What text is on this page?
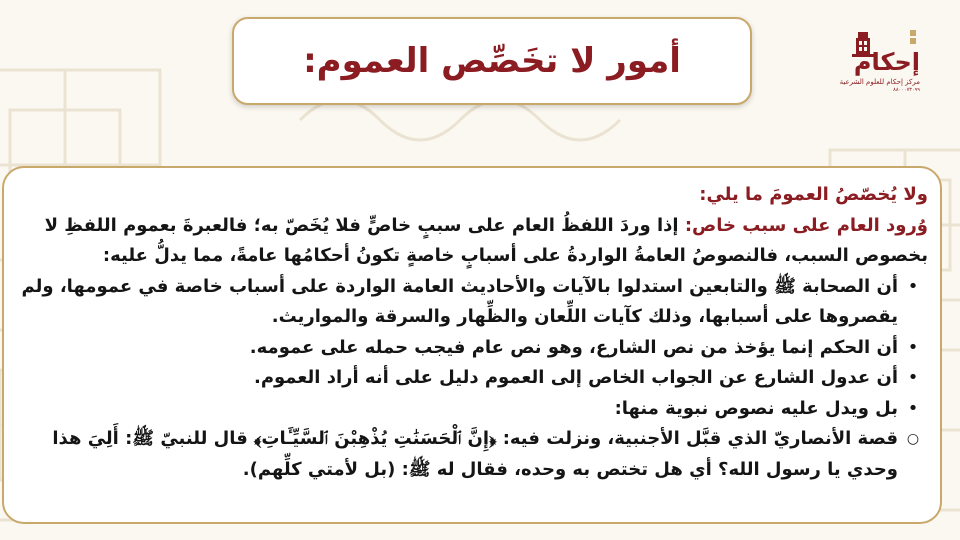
أمور لا تخَصِّص العموم:	إحكام
مركز إحكام للعلوم الشرعية
٨٨٠٠٠٧٣٠٩٩

ولا يُخصّصُ العمومَ ما يلي:

وُرود العام على سبب خاص: إذا وردَ اللفظُ العام على سببٍ خاصٍّ فلا يُخَصّ به؛ فالعبرةَ بعموم اللفظِ لا بخصوص السبب، فالنصوصُ العامةُ الواردةُ على أسبابٍ خاصةٍ تكونُ أحكامُها عامةً، مما يدلُّ عليه:

•
أن الصحابة ﷺ والتابعين استدلوا بالآيات والأحاديث العامة الواردة على أسباب خاصة في عمومها، ولم يقصروها على أسبابها، وذلك كآيات اللِّعان والظِّهار والسرقة والمواريث.
•
أن الحكم إنما يؤخذ من نص الشارع، وهو نص عام فيجب حمله على عمومه.
•
أن عدول الشارع عن الجواب الخاص إلى العموم دليل على أنه أراد العموم.
•
بل ويدل عليه نصوص نبوية منها:
○
قصة الأنصاريّ الذي قبَّل الأجنبية، ونزلت فيه: ﴿إِنَّ ٱلْحَسَنَٰتِ يُذْهِبْنَ ٱلسَّيِّـَٔاتِ﴾ قال للنبيّ ﷺ: أَلِيَ هذا وحدي يا رسول الله؟ أي هل تختص به وحده، فقال له ﷺ: (بل لأمتي كلِّهم).
